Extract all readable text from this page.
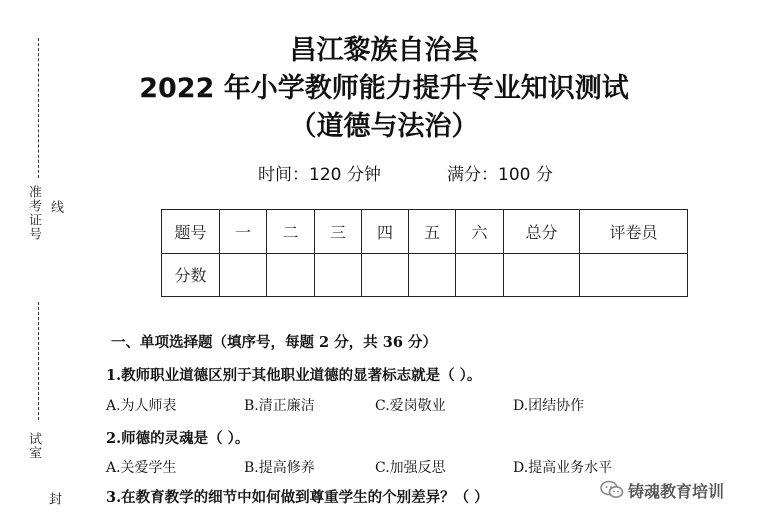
准考证号 线
试室
封
昌江黎族自治县
2022 年小学教师能力提升专业知识测试
（道德与法治）
时间：120 分钟	满分：100 分
题号	一	二	三	四	五	六	总分	评卷员
分数								
一、单项选择题（填序号，每题 2 分，共 36 分）
1.教师职业道德区别于其他职业道德的显著标志就是（ ）。
A.为人师表	B.清正廉洁	C.爱岗敬业	D.团结协作
2.师德的灵魂是（ ）。
A.关爱学生	B.提高修养	C.加强反思	D.提高业务水平
3.在教育教学的细节中如何做到尊重学生的个别差异？（ ）	铸魂教育培训
